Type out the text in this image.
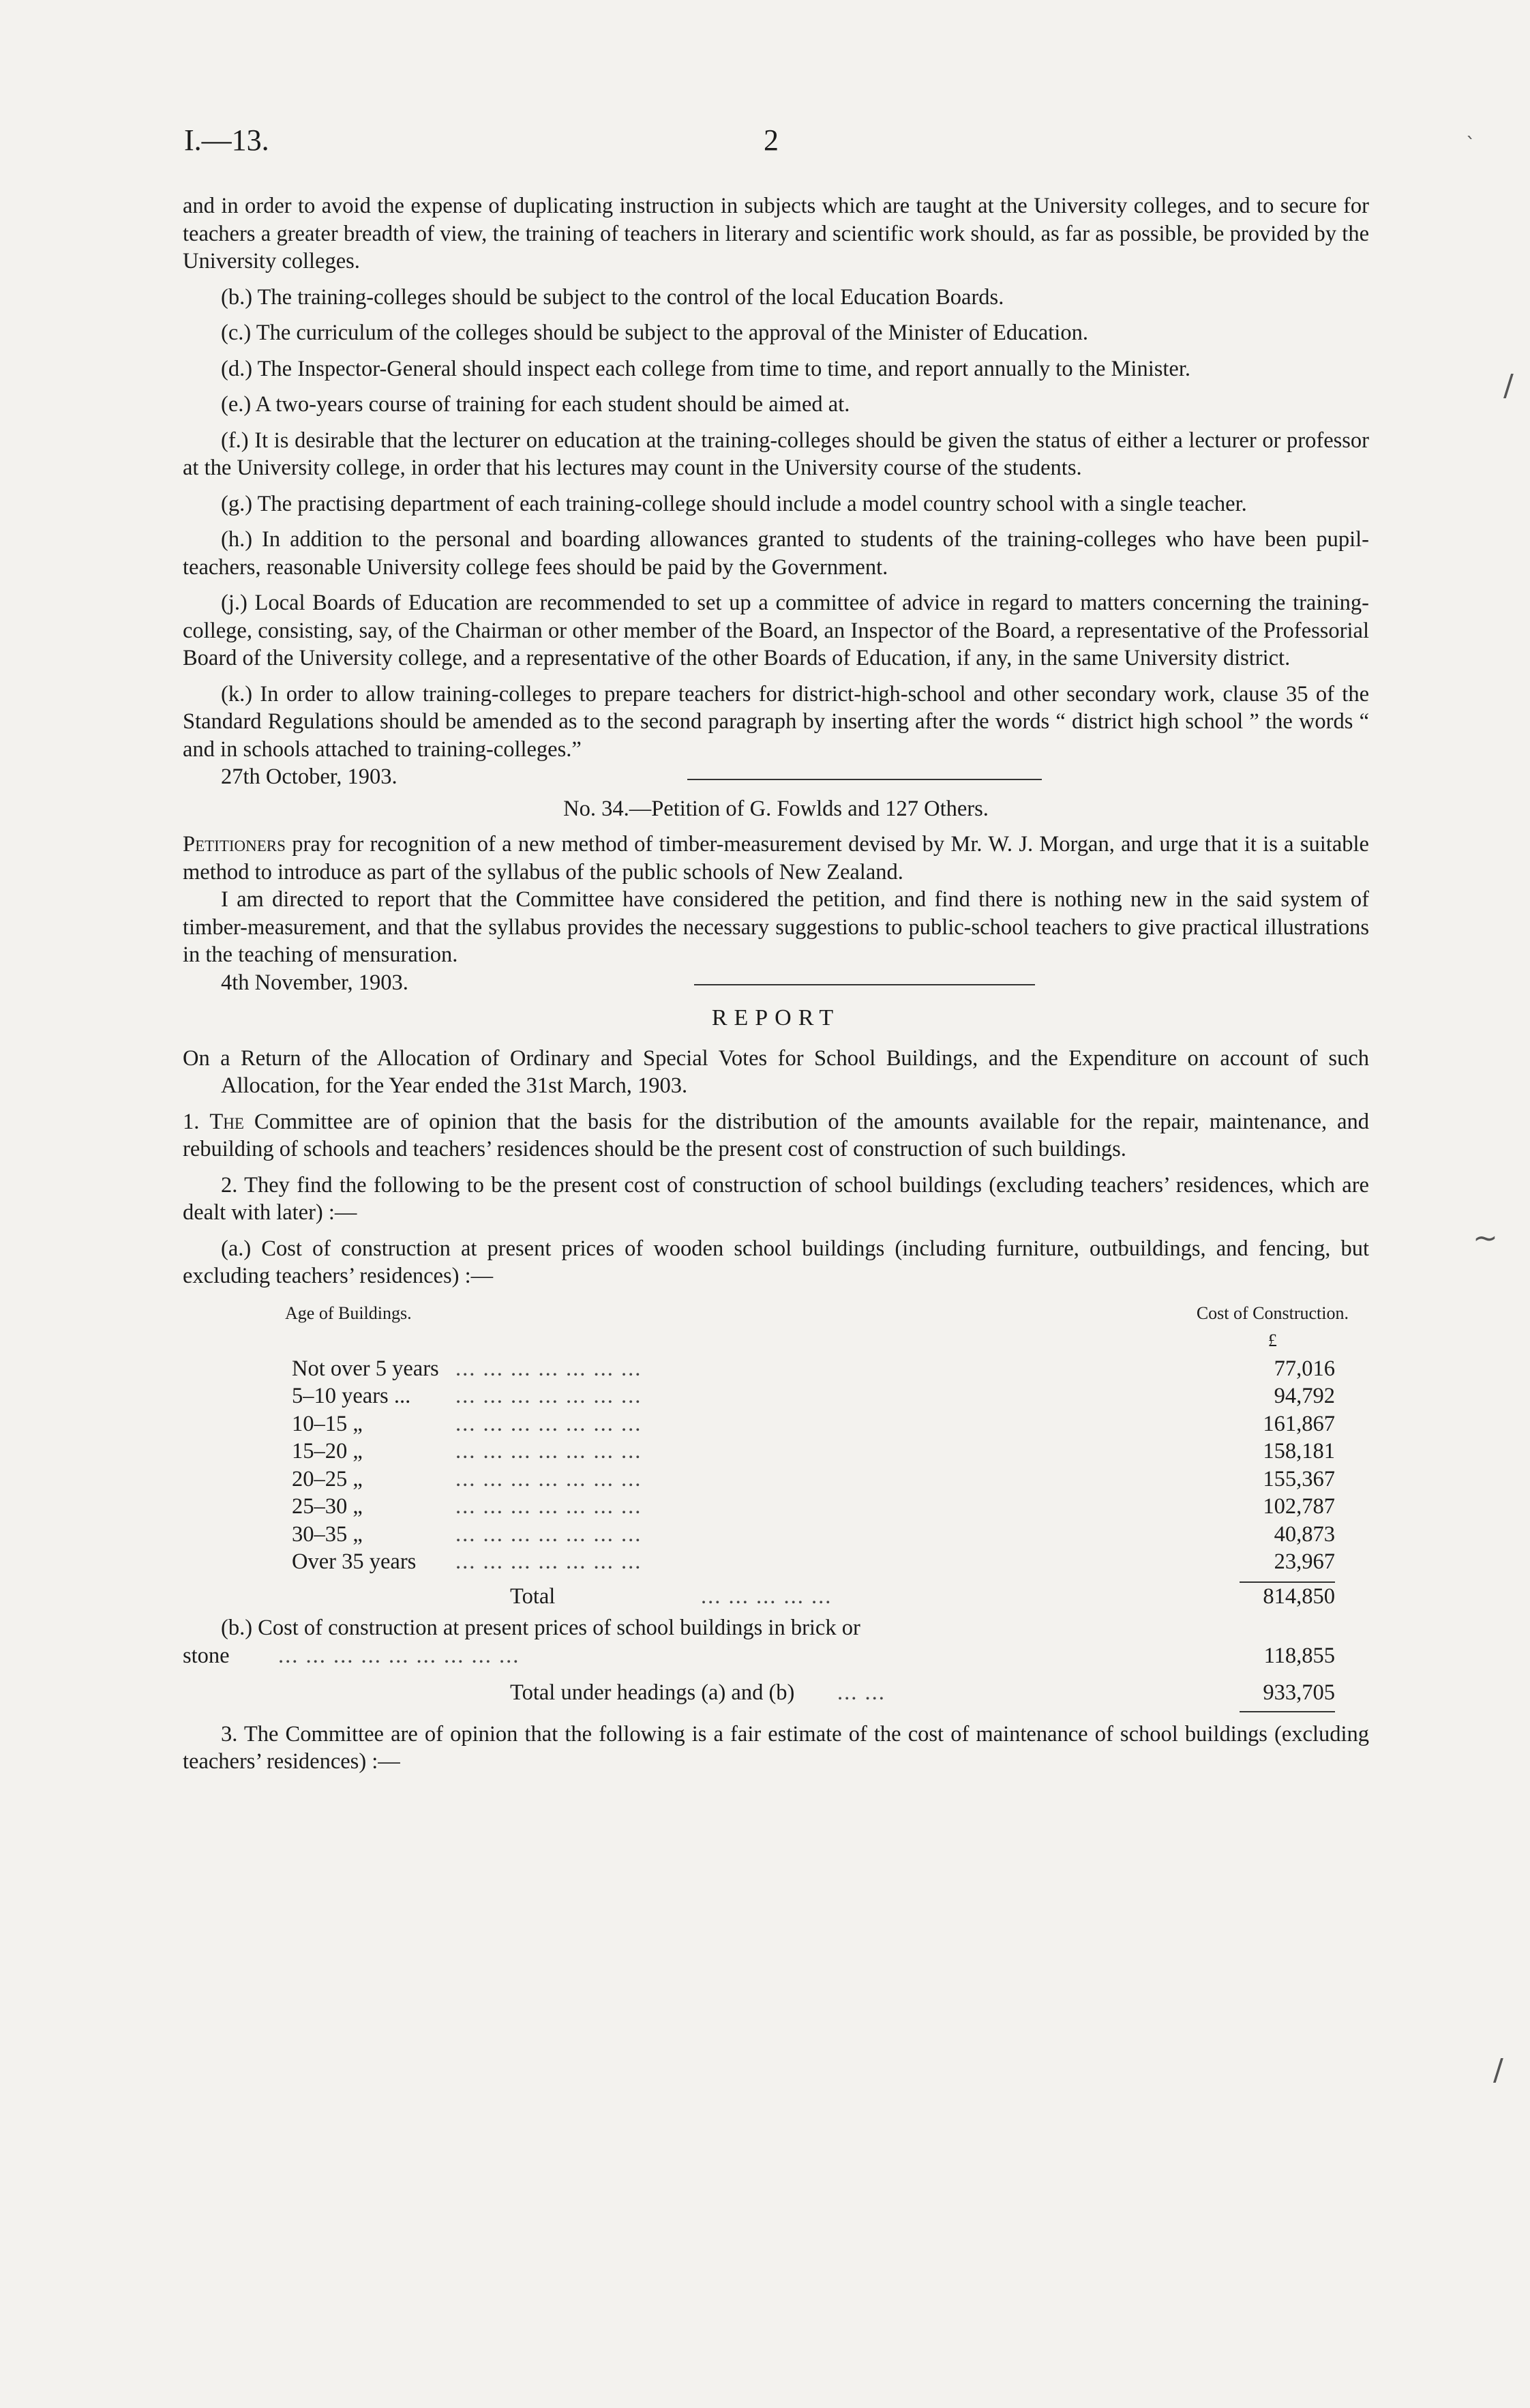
I.—13.	2

and in order to avoid the expense of duplicating instruction in subjects which are taught at the University colleges, and to secure for teachers a greater breadth of view, the training of teachers in literary and scientific work should, as far as possible, be provided by the University colleges.

(b.) The training-colleges should be subject to the control of the local Education Boards.

(c.) The curriculum of the colleges should be subject to the approval of the Minister of Education.

(d.) The Inspector-General should inspect each college from time to time, and report annually to the Minister.

(e.) A two-years course of training for each student should be aimed at.

(f.) It is desirable that the lecturer on education at the training-colleges should be given the status of either a lecturer or professor at the University college, in order that his lectures may count in the University course of the students.

(g.) The practising department of each training-college should include a model country school with a single teacher.

(h.) In addition to the personal and boarding allowances granted to students of the training-colleges who have been pupil-teachers, reasonable University college fees should be paid by the Government.

(j.) Local Boards of Education are recommended to set up a committee of advice in regard to matters concerning the training-college, consisting, say, of the Chairman or other member of the Board, an Inspector of the Board, a representative of the Professorial Board of the University college, and a representative of the other Boards of Education, if any, in the same University district.

(k.) In order to allow training-colleges to prepare teachers for district-high-school and other secondary work, clause 35 of the Standard Regulations should be amended as to the second paragraph by inserting after the words “ district high school ” the words “ and in schools attached to training-colleges.”

27th October, 1903.

No. 34.—Petition of G. Fowlds and 127 Others.

Petitioners pray for recognition of a new method of timber-measurement devised by Mr. W. J. Morgan, and urge that it is a suitable method to introduce as part of the syllabus of the public schools of New Zealand.

I am directed to report that the Committee have considered the petition, and find there is nothing new in the said system of timber-measurement, and that the syllabus provides the necessary suggestions to public-school teachers to give practical illustrations in the teaching of mensuration.

4th November, 1903.

REPORT

On a Return of the Allocation of Ordinary and Special Votes for School Buildings, and the Expenditure on account of such Allocation, for the Year ended the 31st March, 1903.

1. The Committee are of opinion that the basis for the distribution of the amounts available for the repair, maintenance, and rebuilding of schools and teachers’ residences should be the present cost of construction of such buildings.

2. They find the following to be the present cost of construction of school buildings (excluding teachers’ residences, which are dealt with later) :—

(a.) Cost of construction at present prices of wooden school buildings (including furniture, outbuildings, and fencing, but excluding teachers’ residences) :—

Age of Buildings.	Cost of Construction.
£
Not over 5 years ... ... ... ... ... ... ...	77,016
5–10 years ...	... ... ... ... ... ... ...	94,792
10–15 „	... ... ... ... ... ... ...	161,867
15–20 „	... ... ... ... ... ... ...	158,181
20–25 „	... ... ... ... ... ... ...	155,367
25–30 „	... ... ... ... ... ... ...	102,787
30–35 „	... ... ... ... ... ... ...	40,873
Over 35 years	... ... ... ... ... ... ...	23,967
Total	... ... ... ... ...	814,850

(b.) Cost of construction at present prices of school buildings in brick or

stone	... ... ... ... ... ... ... ... ...	118,855
Total under headings (a) and (b)	... ...	933,705

3. The Committee are of opinion that the following is a fair estimate of the cost of maintenance of school buildings (excluding teachers’ residences) :—

`
/
~
/
